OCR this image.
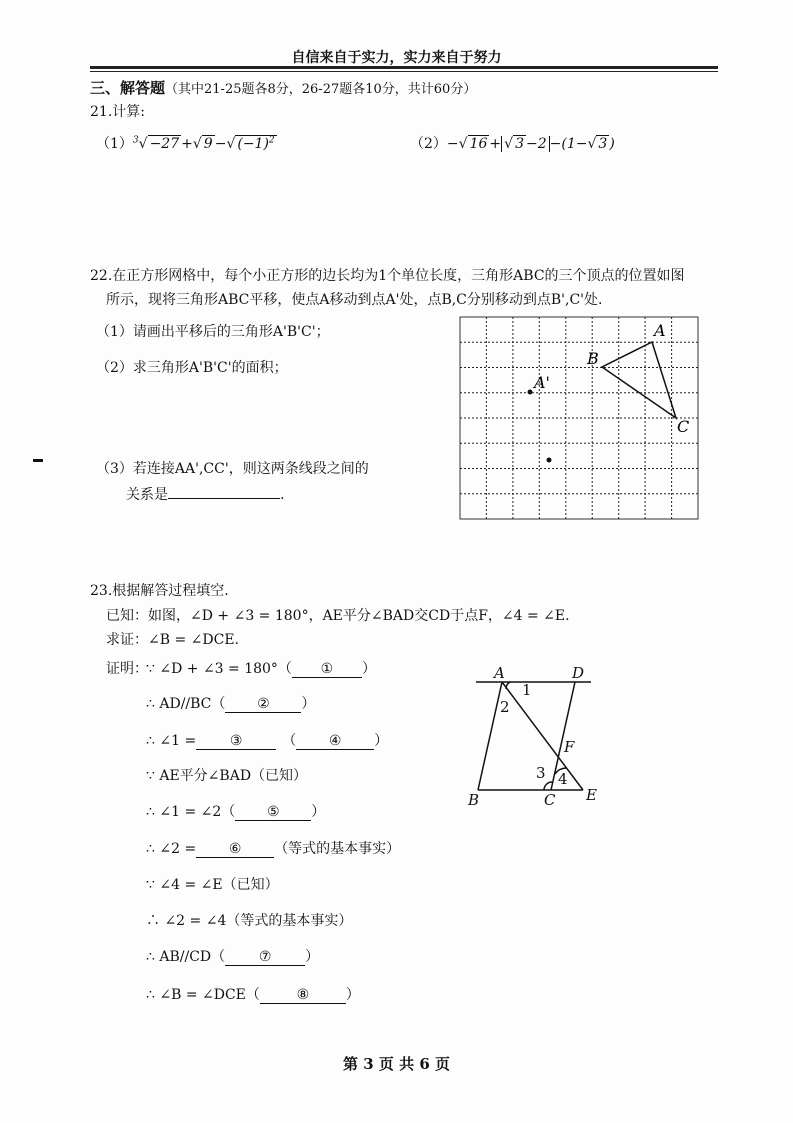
自信来自于实力，实力来自于努力
三、解答题（其中21-25题各8分，26-27题各10分，共计60分）
21.计算:
$(1)^3√ -27$ +√ 9 −√ $(-1)^2$	（2）−√ 16 + √ 3 −2 −(1−√ 3 )
22.在正方形网格中，每个小正方形的边长均为1个单位长度，三角形ABC的三个顶点的位置如图
所示，现将三角形ABC平移，使点A移动到点A'处，点B,C分别移动到点B',C'处.
（1）请画出平移后的三角形A'B'C'；
（2）求三角形A'B'C'的面积；
（3）若连接AA',CC'，则这两条线段之间的
关系是	.
A
B
C
A'
23.根据解答过程填空.
已知：如图，∠D + ∠3 = 180°，AE平分∠BAD交CD于点F，∠4 = ∠E.
求证：∠B = ∠DCE.
证明：
∵ ∠D + ∠3 = 180°（ ① ）
∴ AD//BC（ ② ）
∴ ∠1 = ③	（ ④ ）
∵ AE平分∠BAD（已知）
∴ ∠1 = ∠2（ ⑤ ）
∴ ∠2 = ⑥ （等式的基本事实）
∵ ∠4 = ∠E（已知）
∴ ∠2 = ∠4（等式的基本事实）
∴ AB//CD（ ⑦ ）
∴ ∠B = ∠DCE（	⑧	）
A	D
B	C E
F
1
2
3 4
第 3 页 共 6 页
